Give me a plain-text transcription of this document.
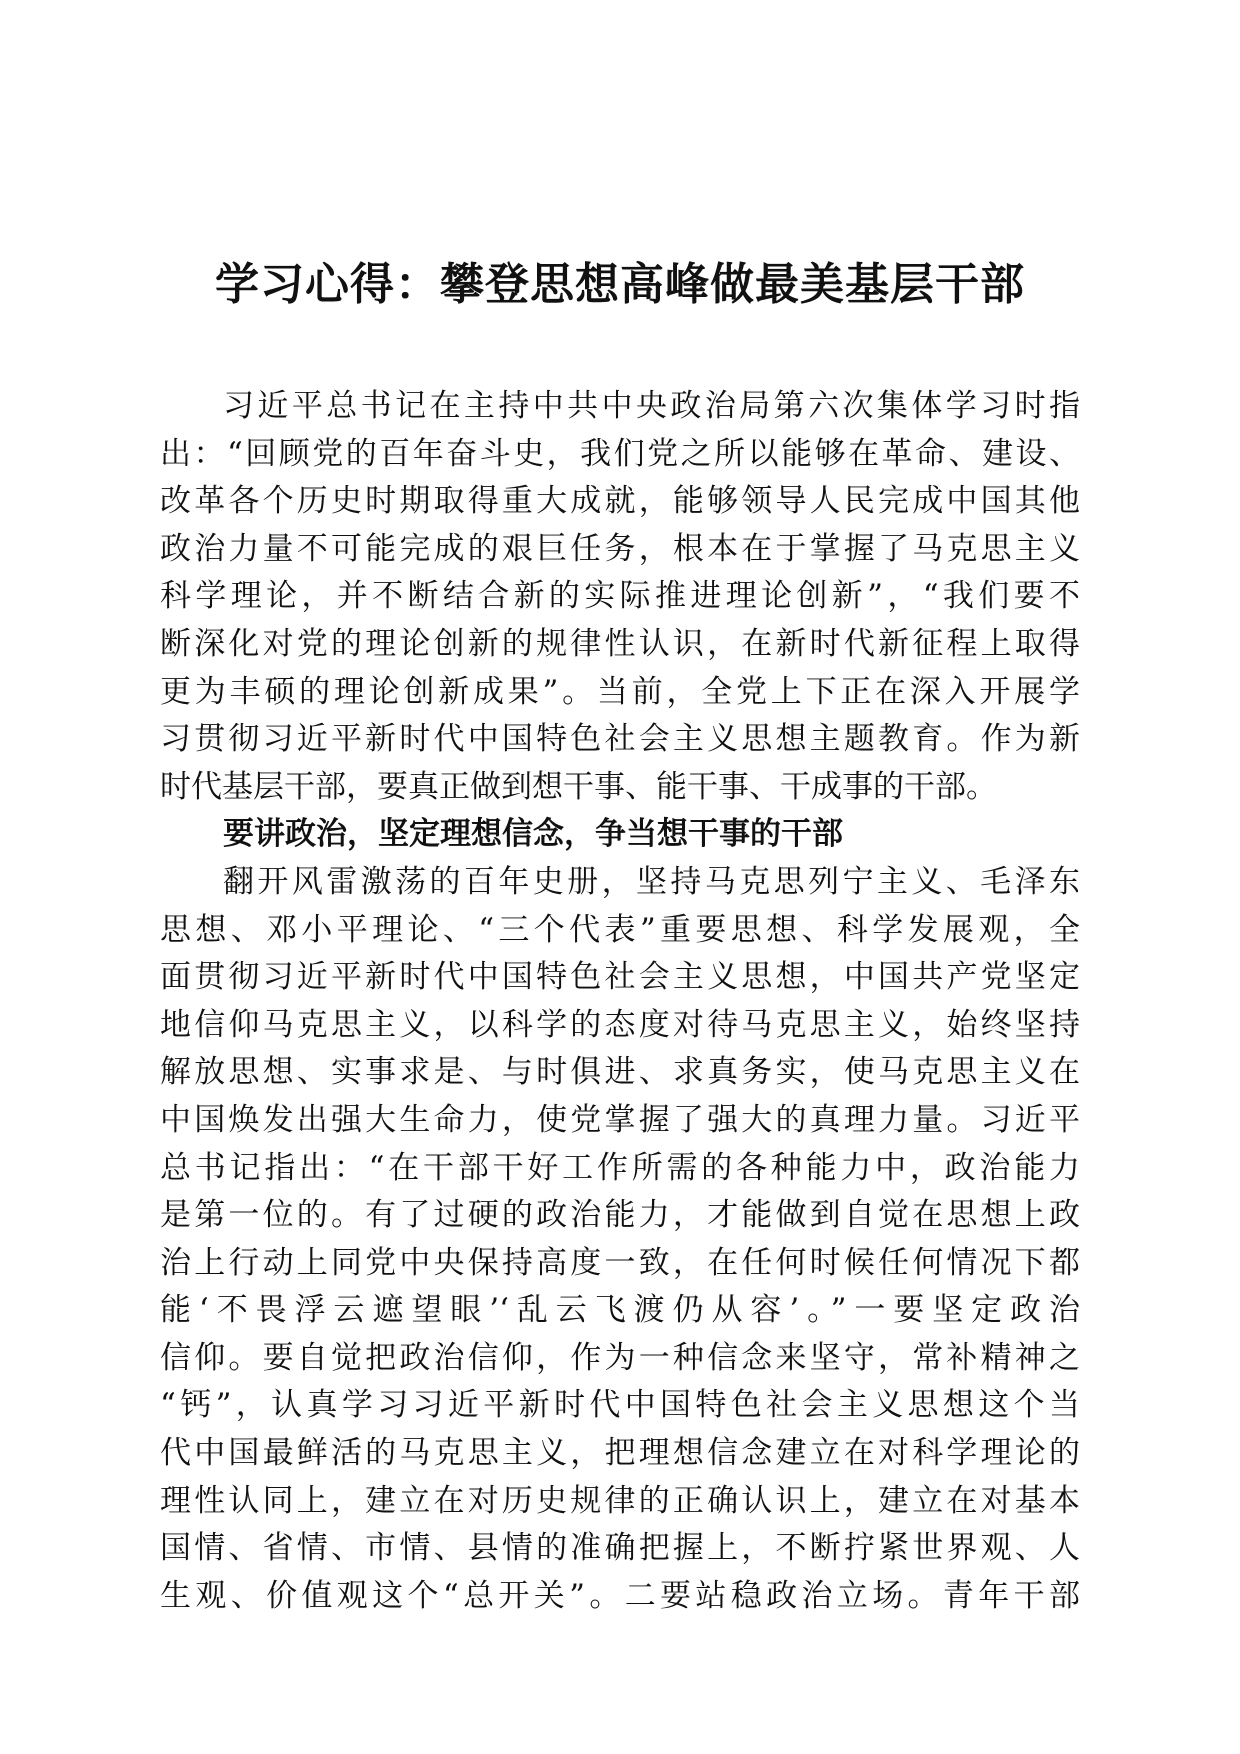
学习心得：攀登思想高峰做最美基层干部
习近平总书记在主持中共中央政治局第六次集体学习时指
出：“回顾党的百年奋斗史，我们党之所以能够在革命、建设、
改革各个历史时期取得重大成就，能够领导人民完成中国其他
政治力量不可能完成的艰巨任务，根本在于掌握了马克思主义
科学理论，并不断结合新的实际推进理论创新”，“我们要不
断深化对党的理论创新的规律性认识，在新时代新征程上取得
更为丰硕的理论创新成果”。当前，全党上下正在深入开展学
习贯彻习近平新时代中国特色社会主义思想主题教育。作为新
时代基层干部，要真正做到想干事、能干事、干成事的干部。
要讲政治，坚定理想信念，争当想干事的干部
翻开风雷激荡的百年史册，坚持马克思列宁主义、毛泽东
思想、邓小平理论、“三个代表”重要思想、科学发展观，全
面贯彻习近平新时代中国特色社会主义思想，中国共产党坚定
地信仰马克思主义，以科学的态度对待马克思主义，始终坚持
解放思想、实事求是、与时俱进、求真务实，使马克思主义在
中国焕发出强大生命力，使党掌握了强大的真理力量。习近平
总书记指出：“在干部干好工作所需的各种能力中，政治能力
是第一位的。有了过硬的政治能力，才能做到自觉在思想上政
治上行动上同党中央保持高度一致，在任何时候任何情况下都
能‘不畏浮云遮望眼’‘乱云飞渡仍从容’。”一要坚定政治
信仰。要自觉把政治信仰，作为一种信念来坚守，常补精神之
“钙”，认真学习习近平新时代中国特色社会主义思想这个当
代中国最鲜活的马克思主义，把理想信念建立在对科学理论的
理性认同上，建立在对历史规律的正确认识上，建立在对基本
国情、省情、市情、县情的准确把握上，不断拧紧世界观、人
生观、价值观这个“总开关”。二要站稳政治立场。青年干部
